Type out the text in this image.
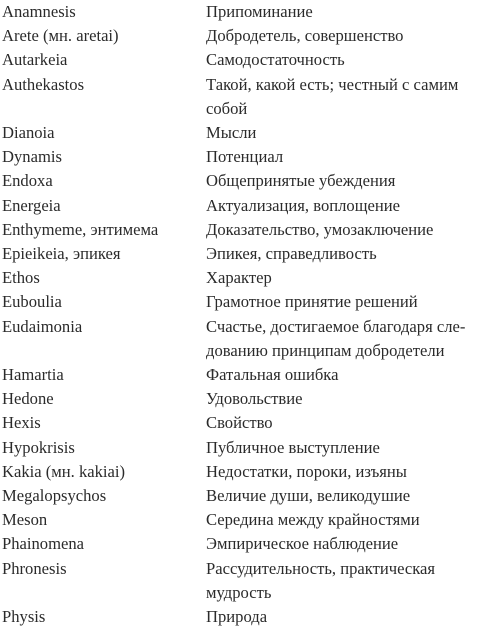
Anamnesis	Припоминание
Arete (мн. aretai)	Добродетель, совершенство
Autarkeia	Самодостаточность
Authekastos	Такой, какой есть; честный с самим собой
Dianoia	Мысли
Dynamis	Потенциал
Endoxa	Общепринятые убеждения
Energeia	Актуализация, воплощение
Enthymeme, энтимема	Доказательство, умозаключение
Epieikeia, эпикея	Эпикея, справедливость
Ethos	Характер
Euboulia	Грамотное принятие решений
Eudaimonia	Счастье, достигаемое благодаря сле-дованию принципам добродетели
Hamartia	Фатальная ошибка
Hedone	Удовольствие
Hexis	Свойство
Hypokrisis	Публичное выступление
Kakia (мн. kakiai)	Недостатки, пороки, изъяны
Megalopsychos	Величие души, великодушие
Meson	Середина между крайностями
Phainomena	Эмпирическое наблюдение
Phronesis	Рассудительность, практическая мудрость
Physis	Природа
